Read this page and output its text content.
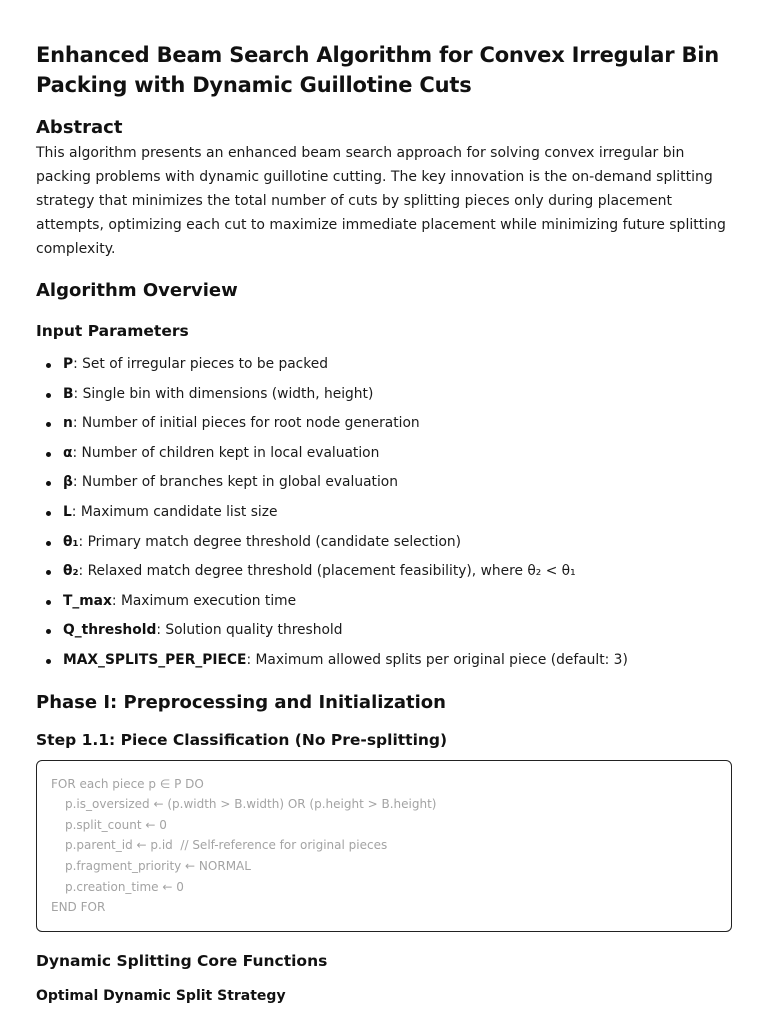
Enhanced Beam Search Algorithm for Convex Irregular Bin Packing with Dynamic Guillotine Cuts
Abstract

This algorithm presents an enhanced beam search approach for solving convex irregular bin packing problems with dynamic guillotine cutting. The key innovation is the on-demand splitting strategy that minimizes the total number of cuts by splitting pieces only during placement attempts, optimizing each cut to maximize immediate placement while minimizing future splitting complexity.

Algorithm Overview
Input Parameters
P: Set of irregular pieces to be packed
B: Single bin with dimensions (width, height)
n: Number of initial pieces for root node generation
α: Number of children kept in local evaluation
β: Number of branches kept in global evaluation
L: Maximum candidate list size
θ₁: Primary match degree threshold (candidate selection)
θ₂: Relaxed match degree threshold (placement feasibility), where θ₂ < θ₁
T_max: Maximum execution time
Q_threshold: Solution quality threshold
MAX_SPLITS_PER_PIECE: Maximum allowed splits per original piece (default: 3)
Phase I: Preprocessing and Initialization
Step 1.1: Piece Classification (No Pre-splitting)
FOR each piece p ∈ P DO
p.is_oversized ← (p.width > B.width) OR (p.height > B.height)
p.split_count ← 0
p.parent_id ← p.id  // Self-reference for original pieces
p.fragment_priority ← NORMAL
p.creation_time ← 0
END FOR
Dynamic Splitting Core Functions
Optimal Dynamic Split Strategy
